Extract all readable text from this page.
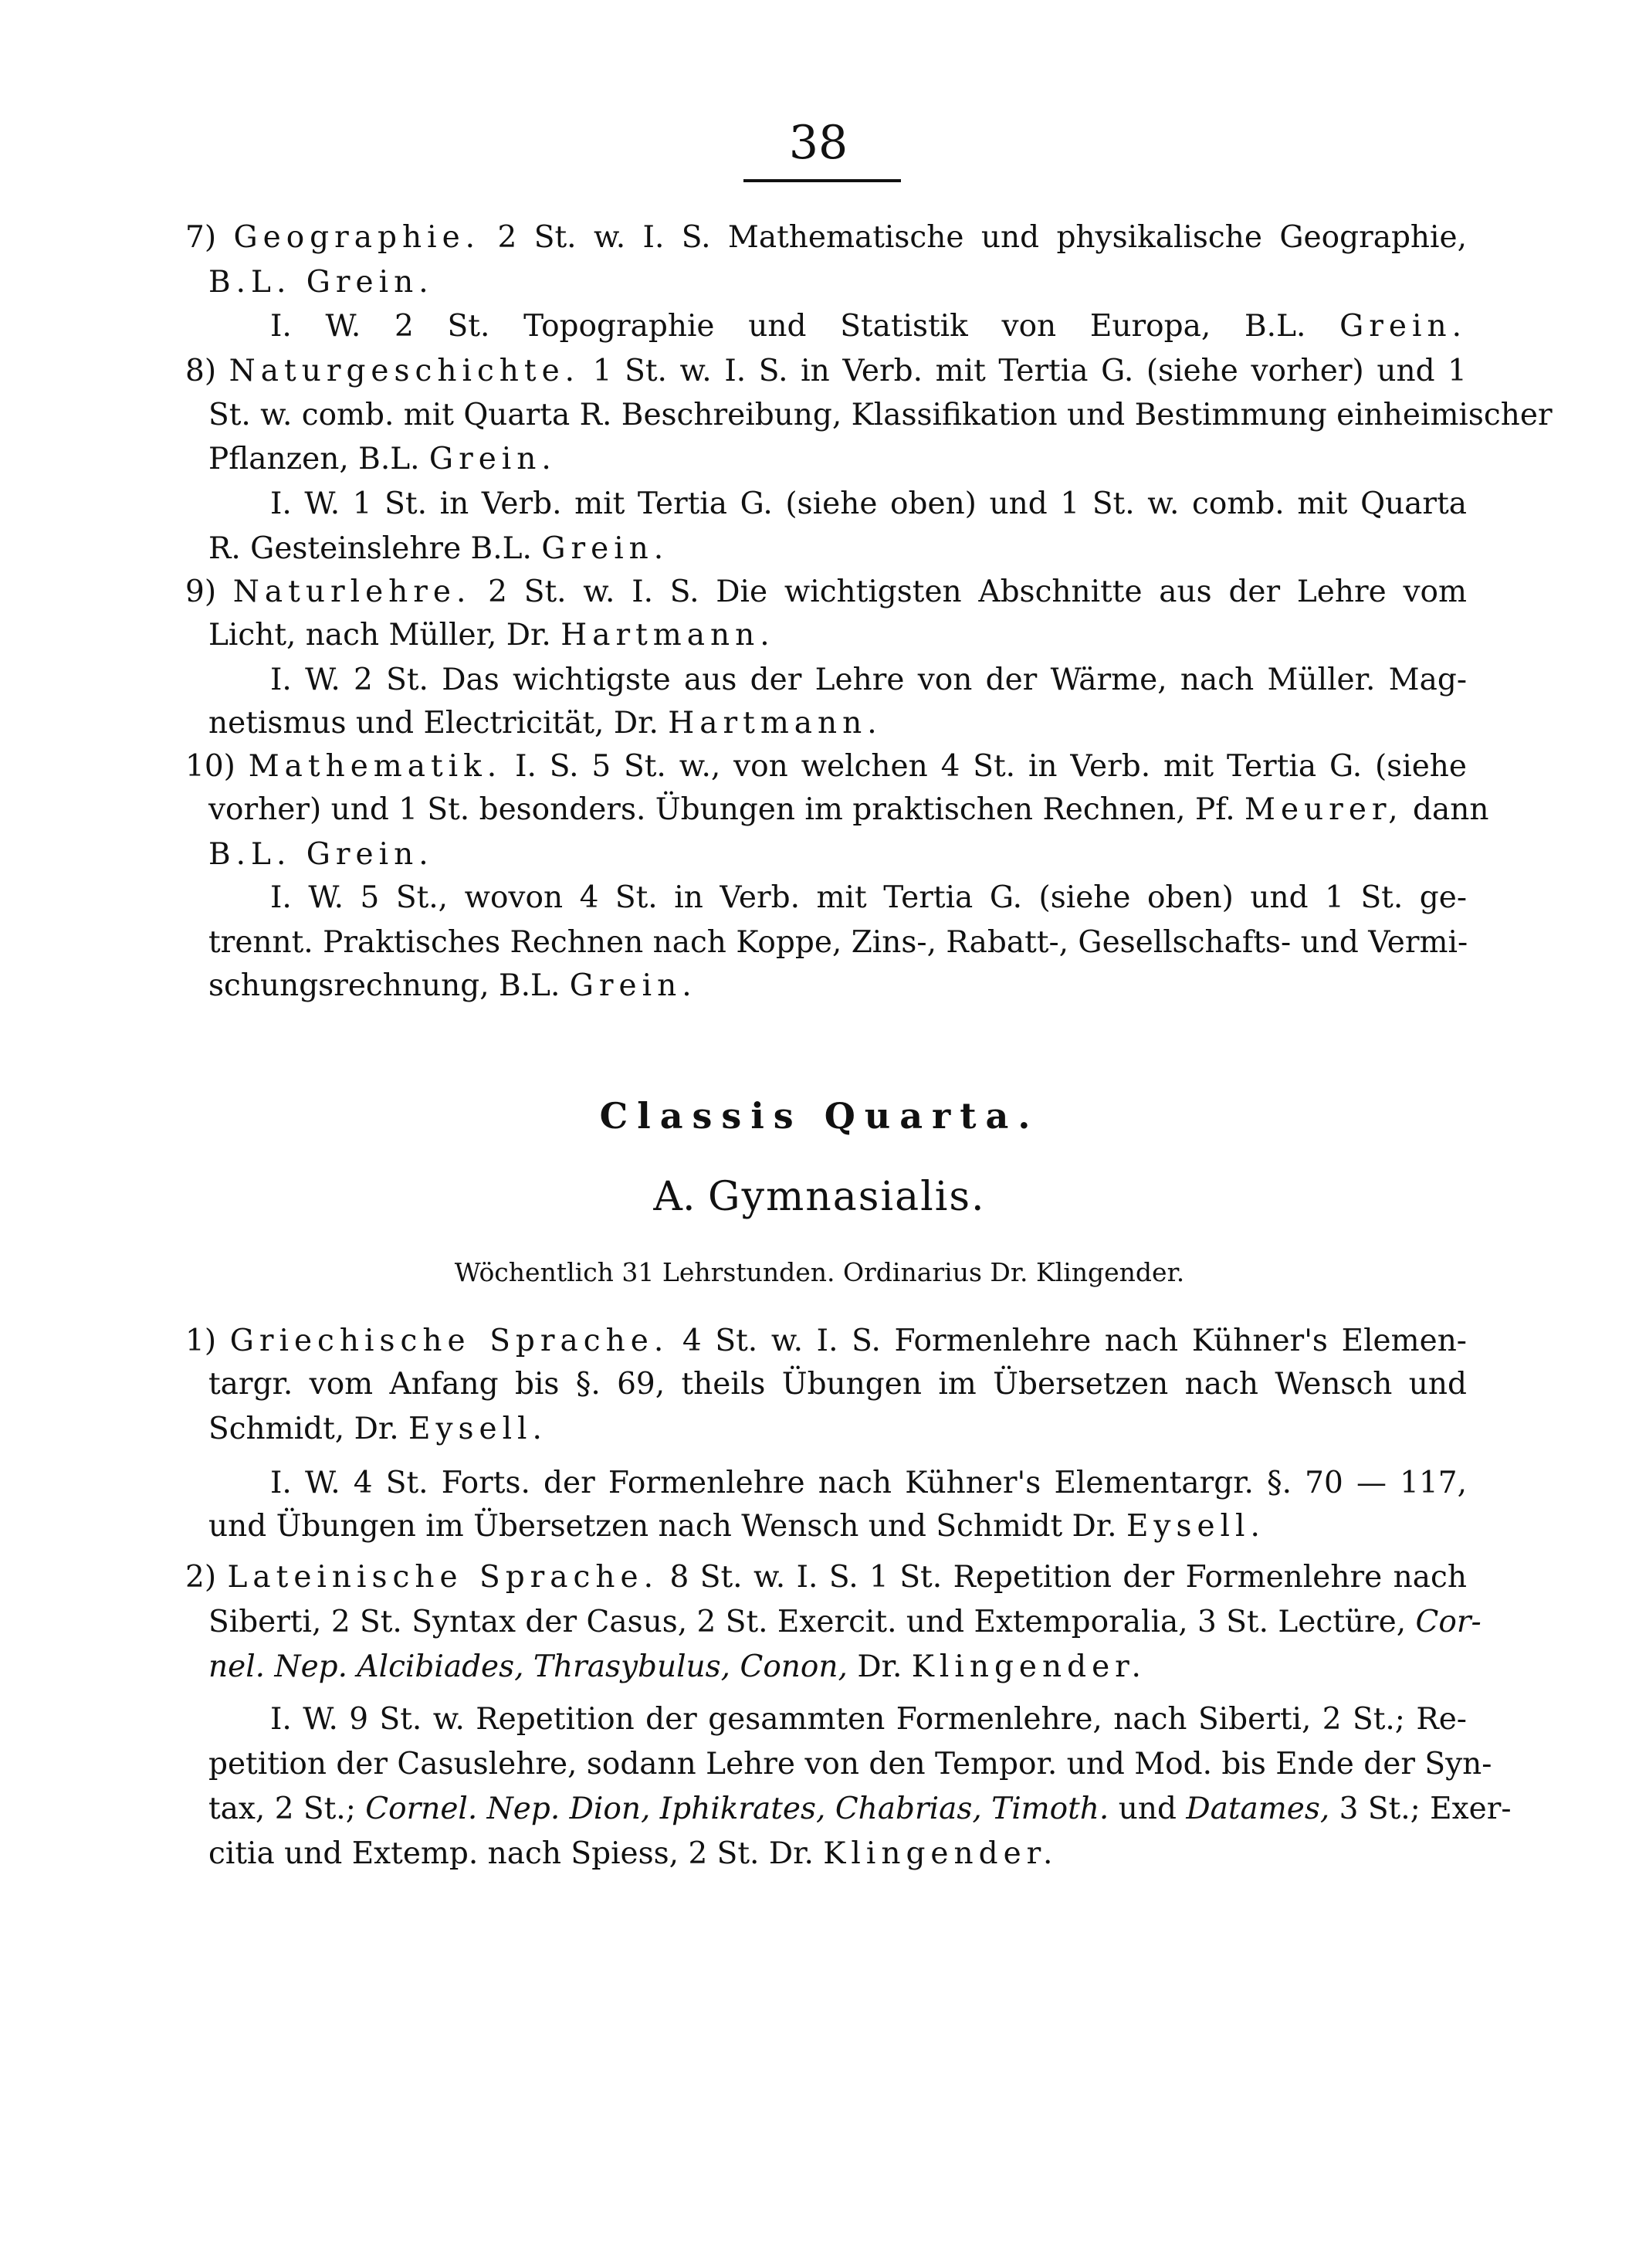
38
7) Geographie. 2 St. w. I. S. Mathematische und physikalische Geographie,
B.L. Grein.
I. W. 2 St. Topographie und Statistik von Europa, B.L. Grein.
8) Naturgeschichte. 1 St. w. I. S. in Verb. mit Tertia G. (siehe vorher) und 1
St. w. comb. mit Quarta R. Beschreibung, Klassifikation und Bestimmung einheimischer
Pflanzen, B.L. Grein.
I. W. 1 St. in Verb. mit Tertia G. (siehe oben) und 1 St. w. comb. mit Quarta
R. Gesteinslehre B.L. Grein.
9) Naturlehre. 2 St. w. I. S. Die wichtigsten Abschnitte aus der Lehre vom
Licht, nach Müller, Dr. Hartmann.
I. W. 2 St. Das wichtigste aus der Lehre von der Wärme, nach Müller. Mag-
netismus und Electricität, Dr. Hartmann.
10) Mathematik. I. S. 5 St. w., von welchen 4 St. in Verb. mit Tertia G. (siehe
vorher) und 1 St. besonders. Übungen im praktischen Rechnen, Pf. Meurer, dann
B.L. Grein.
I. W. 5 St., wovon 4 St. in Verb. mit Tertia G. (siehe oben) und 1 St. ge-
trennt. Praktisches Rechnen nach Koppe, Zins-, Rabatt-, Gesellschafts- und Vermi-
schungsrechnung, B.L. Grein.
Classis Quarta.
A. Gymnasialis.
Wöchentlich 31 Lehrstunden. Ordinarius Dr. Klingender.
1) Griechische Sprache. 4 St. w. I. S. Formenlehre nach Kühner's Elemen-
targr. vom Anfang bis §. 69, theils Übungen im Übersetzen nach Wensch und
Schmidt, Dr. Eysell.
I. W. 4 St. Forts. der Formenlehre nach Kühner's Elementargr. §. 70 — 117,
und Übungen im Übersetzen nach Wensch und Schmidt Dr. Eysell.
2) Lateinische Sprache. 8 St. w. I. S. 1 St. Repetition der Formenlehre nach
Siberti, 2 St. Syntax der Casus, 2 St. Exercit. und Extemporalia, 3 St. Lectüre, Cor-
nel. Nep. Alcibiades, Thrasybulus, Conon, Dr. Klingender.
I. W. 9 St. w. Repetition der gesammten Formenlehre, nach Siberti, 2 St.; Re-
petition der Casuslehre, sodann Lehre von den Tempor. und Mod. bis Ende der Syn-
tax, 2 St.; Cornel. Nep. Dion, Iphikrates, Chabrias, Timoth. und Datames, 3 St.; Exer-
citia und Extemp. nach Spiess, 2 St. Dr. Klingender.
